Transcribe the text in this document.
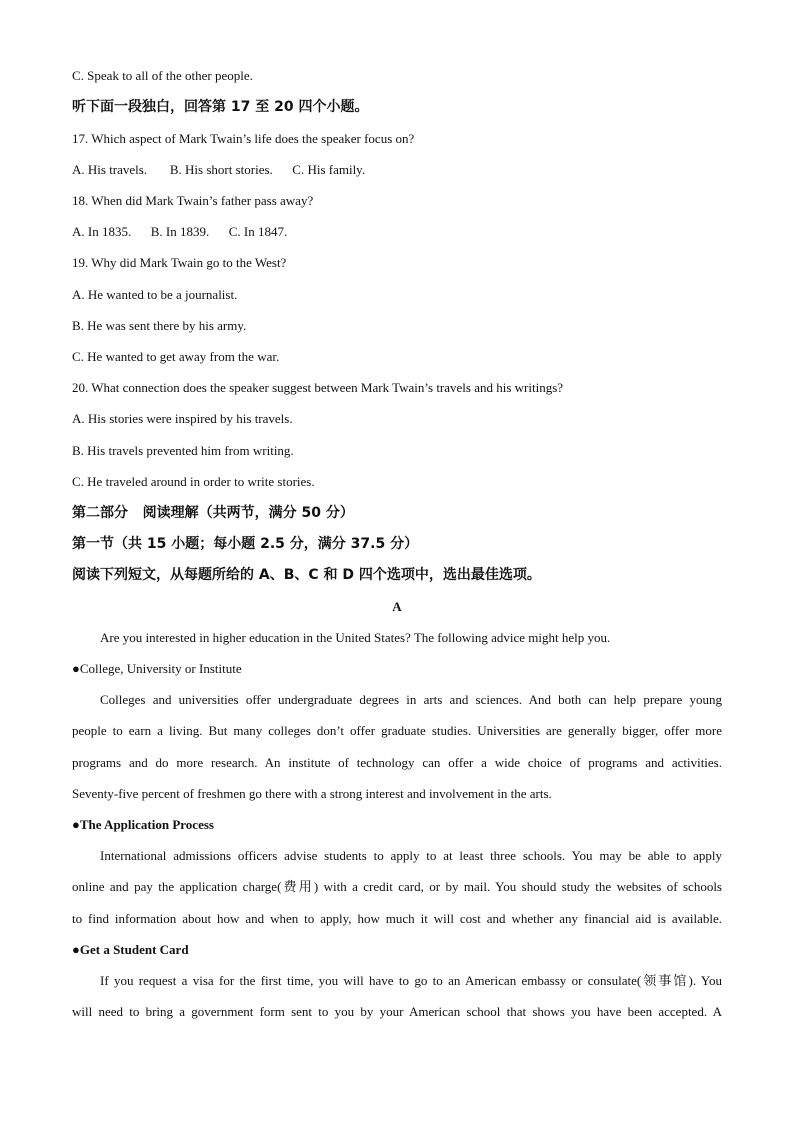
C. Speak to all of the other people.
听下面一段独白，回答第 17 至 20 四个小题。
17. Which aspect of Mark Twain’s life does the speaker focus on?
A. His travels.       B. His short stories.      C. His family.
18. When did Mark Twain’s father pass away?
A. In 1835.      B. In 1839.      C. In 1847.
19. Why did Mark Twain go to the West?
A. He wanted to be a journalist.
B. He was sent there by his army.
C. He wanted to get away from the war.
20. What connection does the speaker suggest between Mark Twain’s travels and his writings?
A. His stories were inspired by his travels.
B. His travels prevented him from writing.
C. He traveled around in order to write stories.
第二部分   阅读理解（共两节，满分 50 分）
第一节（共 15 小题；每小题 2.5 分，满分 37.5 分）
阅读下列短文，从每题所给的 A、B、C 和 D 四个选项中，选出最佳选项。
A
Are you interested in higher education in the United States? The following advice might help you.
●College, University or Institute
Colleges and universities offer undergraduate degrees in arts and sciences. And both can help prepare young
people to earn a living. But many colleges don’t offer graduate studies. Universities are generally bigger, offer more
programs and do more research. An institute of technology can offer a wide choice of programs and activities.
Seventy-five percent of freshmen go there with a strong interest and involvement in the arts.
●The Application Process
International admissions officers advise students to apply to at least three schools. You may be able to apply
online and pay the application charge(费用) with a credit card, or by mail. You should study the websites of schools
to find information about how and when to apply, how much it will cost and whether any financial aid is available.
●Get a Student Card
If you request a visa for the first time, you will have to go to an American embassy or consulate(领事馆). You
will need to bring a government form sent to you by your American school that shows you have been accepted. A
